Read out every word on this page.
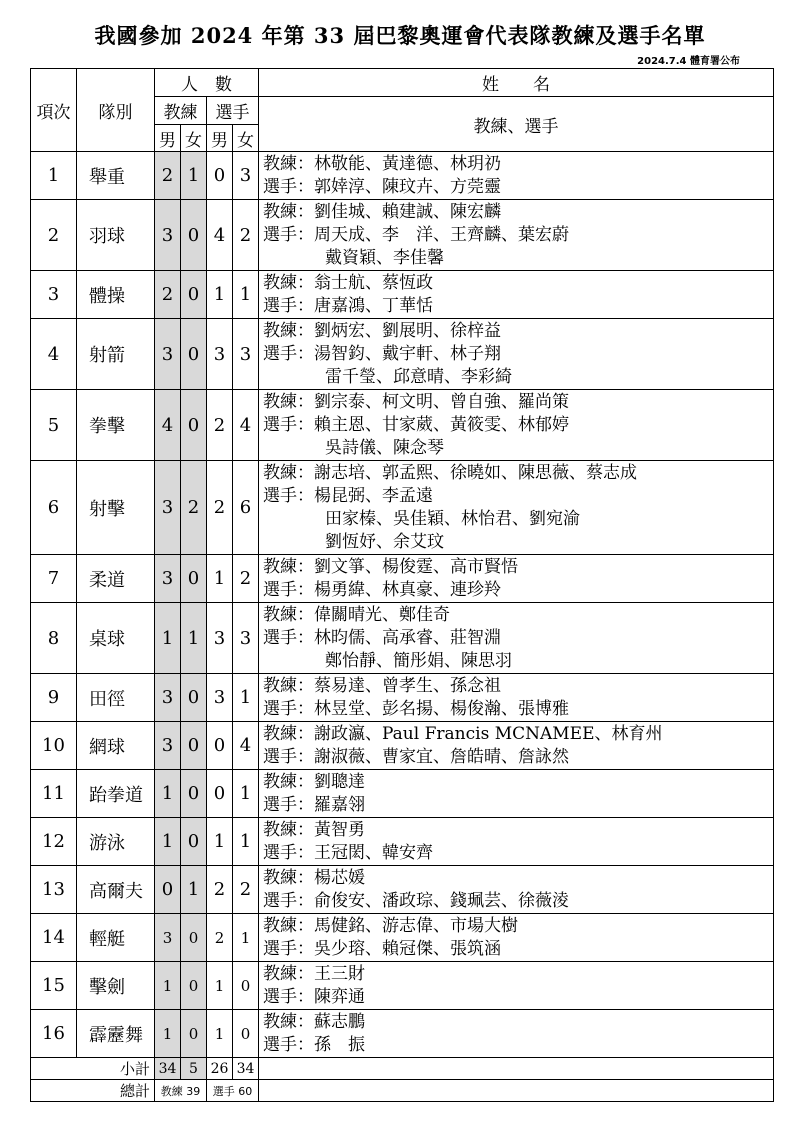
我國參加 2024 年第 33 屆巴黎奧運會代表隊教練及選手名單
2024.7.4 體育署公布
項次	隊別	人　數				姓　　名
		教練		選手		教練、選手
		男	女	男	女	
1	舉重	2	1	0	3	教練：林敬能、黃達德、林玥礽
選手：郭婞淳、陳玟卉、方莞靈

2	羽球	3	0	4	2	教練：劉佳城、賴建誠、陳宏麟
選手：周天成、李　洋、王齊麟、葉宏蔚
戴資穎、李佳馨

3	體操	2	0	1	1	教練：翁士航、蔡恆政
選手：唐嘉鴻、丁華恬

4	射箭	3	0	3	3	教練：劉炳宏、劉展明、徐梓益
選手：湯智鈞、戴宇軒、林子翔
雷千瑩、邱意晴、李彩綺

5	拳擊	4	0	2	4	教練：劉宗泰、柯文明、曾自強、羅尚策
選手：賴主恩、甘家葳、黃筱雯、林郁婷
吳詩儀、陳念琴

6	射擊	3	2	2	6	教練：謝志培、郭孟熙、徐曉如、陳思薇、蔡志成
選手：楊昆弼、李孟遠
田家榛、吳佳穎、林怡君、劉宛渝
劉恆妤、余艾玟

7	柔道	3	0	1	2	教練：劉文箏、楊俊霆、高市賢悟
選手：楊勇緯、林真豪、連珍羚

8	桌球	1	1	3	3	教練：偉關晴光、鄭佳奇
選手：林昀儒、高承睿、莊智淵
鄭怡靜、簡彤娟、陳思羽

9	田徑	3	0	3	1	教練：蔡易達、曾孝生、孫念祖
選手：林昱堂、彭名揚、楊俊瀚、張博雅

10	網球	3	0	0	4	教練：謝政瀛、Paul Francis MCNAMEE、林育州
選手：謝淑薇、曹家宜、詹皓晴、詹詠然

11	跆拳道	1	0	0	1	教練：劉聰達
選手：羅嘉翎

12	游泳	1	0	1	1	教練：黃智勇
選手：王冠閎、韓安齊

13	高爾夫	0	1	2	2	教練：楊芯媛
選手：俞俊安、潘政琮、錢珮芸、徐薇淩

14	輕艇	3	0	2	1	教練：馬健銘、游志偉、市場大樹
選手：吳少瑢、賴冠傑、張筑涵

15	擊劍	1	0	1	0	教練：王三財
選手：陳弈通

16	霹靂舞	1	0	1	0	教練：蘇志鵬
選手：孫　振

小計		34	5	26	34	
總計		教練 39		選手 60		
